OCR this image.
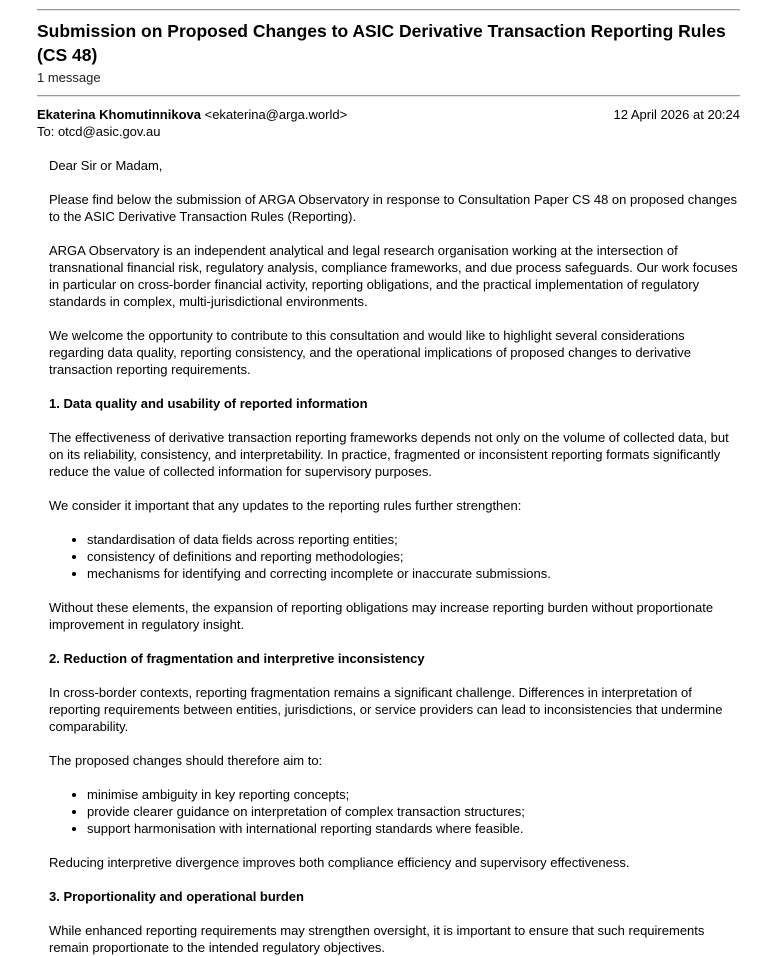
Submission on Proposed Changes to ASIC Derivative Transaction Reporting Rules (CS 48)
1 message
Ekaterina Khomutinnikova <ekaterina@arga.world>	12 April 2026 at 20:24
To: otcd@asic.gov.au

Dear Sir or Madam,

Please find below the submission of ARGA Observatory in response to Consultation Paper CS 48 on proposed changes to the ASIC Derivative Transaction Rules (Reporting).

ARGA Observatory is an independent analytical and legal research organisation working at the intersection of transnational financial risk, regulatory analysis, compliance frameworks, and due process safeguards. Our work focuses in particular on cross-border financial activity, reporting obligations, and the practical implementation of regulatory standards in complex, multi-jurisdictional environments.

We welcome the opportunity to contribute to this consultation and would like to highlight several considerations regarding data quality, reporting consistency, and the operational implications of proposed changes to derivative transaction reporting requirements.

1. Data quality and usability of reported information

The effectiveness of derivative transaction reporting frameworks depends not only on the volume of collected data, but on its reliability, consistency, and interpretability. In practice, fragmented or inconsistent reporting formats significantly reduce the value of collected information for supervisory purposes.

We consider it important that any updates to the reporting rules further strengthen:

• standardisation of data fields across reporting entities;
• consistency of definitions and reporting methodologies;
• mechanisms for identifying and correcting incomplete or inaccurate submissions.

Without these elements, the expansion of reporting obligations may increase reporting burden without proportionate improvement in regulatory insight.

2. Reduction of fragmentation and interpretive inconsistency

In cross-border contexts, reporting fragmentation remains a significant challenge. Differences in interpretation of reporting requirements between entities, jurisdictions, or service providers can lead to inconsistencies that undermine comparability.

The proposed changes should therefore aim to:

• minimise ambiguity in key reporting concepts;
• provide clearer guidance on interpretation of complex transaction structures;
• support harmonisation with international reporting standards where feasible.

Reducing interpretive divergence improves both compliance efficiency and supervisory effectiveness.

3. Proportionality and operational burden

While enhanced reporting requirements may strengthen oversight, it is important to ensure that such requirements remain proportionate to the intended regulatory objectives.
